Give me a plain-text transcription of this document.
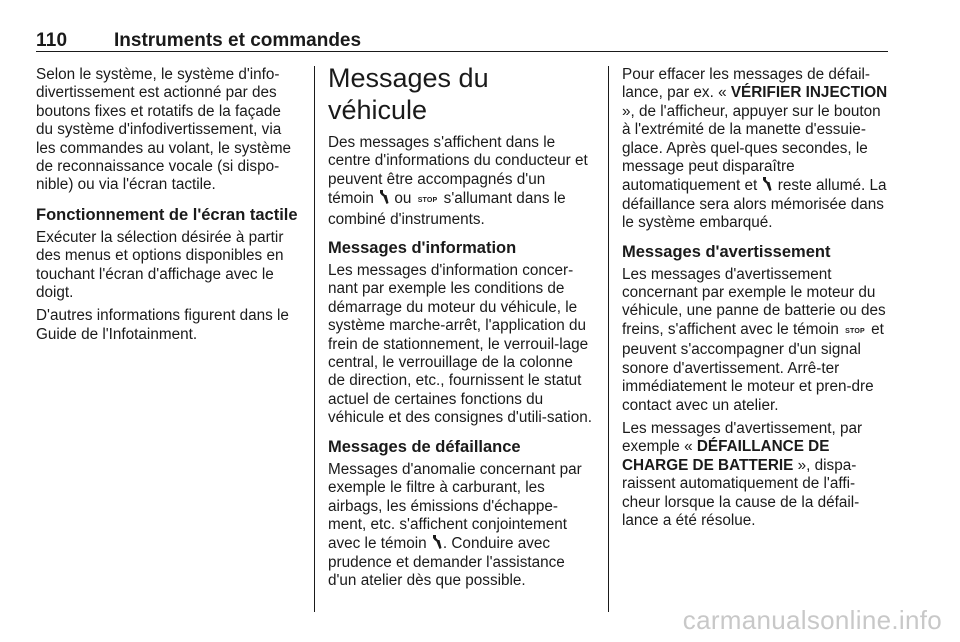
110 Instruments et commandes

Selon le système, le système d'info-divertissement est actionné par des boutons fixes et rotatifs de la façade du système d'infodivertissement, via les commandes au volant, le système de reconnaissance vocale (si dispo-nible) ou via l'écran tactile.

Fonctionnement de l'écran tactile

Exécuter la sélection désirée à partir des menus et options disponibles en touchant l'écran d'affichage avec le doigt.

D'autres informations figurent dans le Guide de l'Infotainment.

Messages du véhicule

Des messages s'affichent dans le centre d'informations du conducteur et peuvent être accompagnés d'un témoin ou STOP s'allumant dans le combiné d'instruments.

Messages d'information

Les messages d'information concer-nant par exemple les conditions de démarrage du moteur du véhicule, le système marche-arrêt, l'application du frein de stationnement, le verrouil-lage central, le verrouillage de la colonne de direction, etc., fournissent le statut actuel de certaines fonctions du véhicule et des consignes d'utili-sation.

Messages de défaillance

Messages d'anomalie concernant par exemple le filtre à carburant, les airbags, les émissions d'échappe-ment, etc. s'affichent conjointement avec le témoin . Conduire avec prudence et demander l'assistance d'un atelier dès que possible.

Pour effacer les messages de défail-lance, par ex. « VÉRIFIER INJECTION », de l'afficheur, appuyer sur le bouton à l'extrémité de la manette d'essuie-glace. Après quel-ques secondes, le message peut disparaître automatiquement et reste allumé. La défaillance sera alors mémorisée dans le système embarqué.

Messages d'avertissement

Les messages d'avertissement concernant par exemple le moteur du véhicule, une panne de batterie ou des freins, s'affichent avec le témoin STOP et peuvent s'accompagner d'un signal sonore d'avertissement. Arrê-ter immédiatement le moteur et pren-dre contact avec un atelier.

Les messages d'avertissement, par exemple « DÉFAILLANCE DE CHARGE DE BATTERIE », dispa-raissent automatiquement de l'affi-cheur lorsque la cause de la défail-lance a été résolue.

carmanualsonline.info
